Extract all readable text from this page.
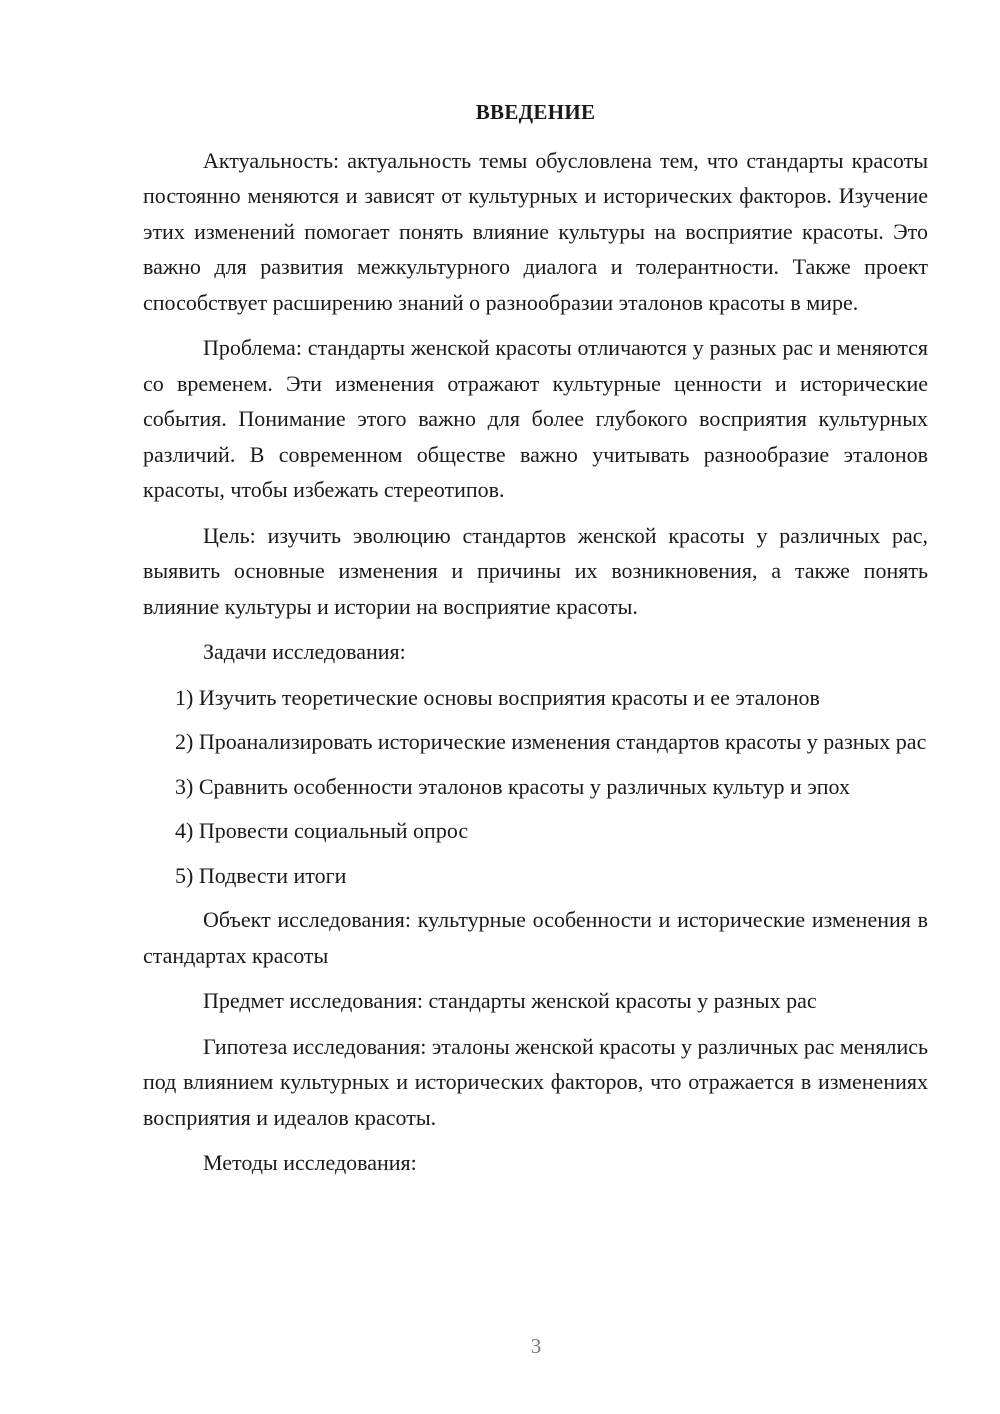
ВВЕДЕНИЕ

Актуальность: актуальность темы обусловлена тем, что стандарты красоты постоянно меняются и зависят от культурных и исторических факторов. Изучение этих изменений помогает понять влияние культуры на восприятие красоты. Это важно для развития межкультурного диалога и толерантности. Также проект способствует расширению знаний о разнообразии эталонов красоты в мире.

Проблема: стандарты женской красоты отличаются у разных рас и меняются со временем. Эти изменения отражают культурные ценности и исторические события. Понимание этого важно для более глубокого восприятия культурных различий. В современном обществе важно учитывать разнообразие эталонов красоты, чтобы избежать стереотипов.

Цель: изучить эволюцию стандартов женской красоты у различных рас, выявить основные изменения и причины их возникновения, а также понять влияние культуры и истории на восприятие красоты.

Задачи исследования:

1) Изучить теоретические основы восприятия красоты и ее эталонов

2) Проанализировать исторические изменения стандартов красоты у разных рас

3) Сравнить особенности эталонов красоты у различных культур и эпох

4) Провести социальный опрос

5) Подвести итоги

Объект исследования: культурные особенности и исторические изменения в стандартах красоты

Предмет исследования: стандарты женской красоты у разных рас

Гипотеза исследования: эталоны женской красоты у различных рас менялись под влиянием культурных и исторических факторов, что отражается в изменениях восприятия и идеалов красоты.

Методы исследования:

3
